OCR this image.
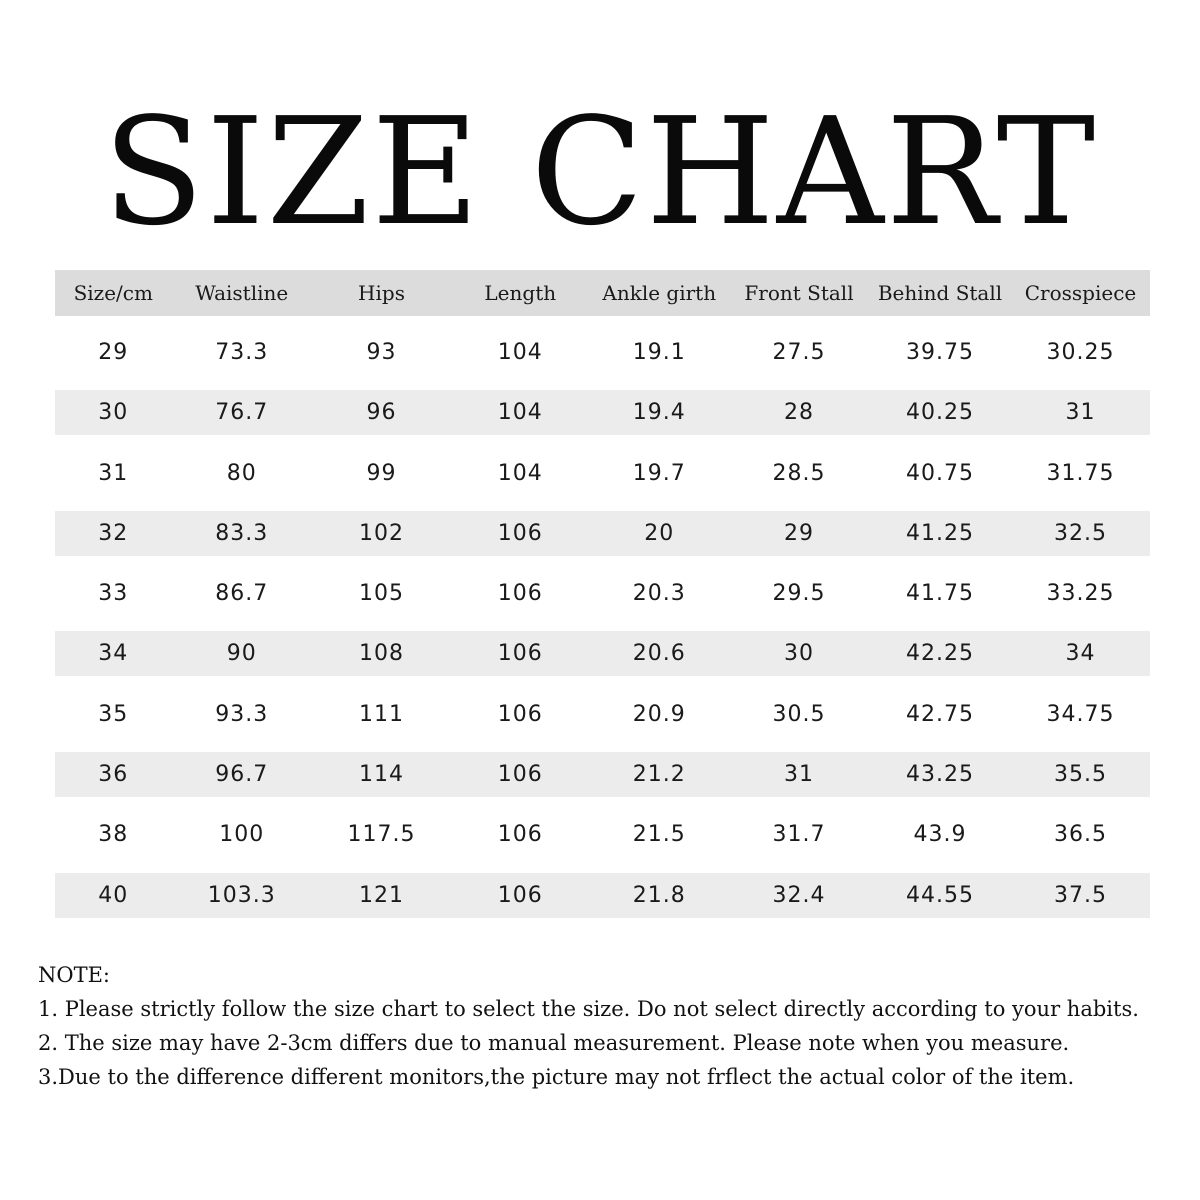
SIZE CHART
Size/cm	Waistline	Hips	Length	Ankle girth	Front Stall	Behind Stall	Crosspiece
29	73.3	93	104	19.1	27.5	39.75	30.25
30	76.7	96	104	19.4	28	40.25	31
31	80	99	104	19.7	28.5	40.75	31.75
32	83.3	102	106	20	29	41.25	32.5
33	86.7	105	106	20.3	29.5	41.75	33.25
34	90	108	106	20.6	30	42.25	34
35	93.3	111	106	20.9	30.5	42.75	34.75
36	96.7	114	106	21.2	31	43.25	35.5
38	100	117.5	106	21.5	31.7	43.9	36.5
40	103.3	121	106	21.8	32.4	44.55	37.5
NOTE:
1. Please strictly follow the size chart to select the size. Do not select directly according to your habits.
2. The size may have 2-3cm differs due to manual measurement. Please note when you measure.
3.Due to the difference different monitors,the picture may not frflect the actual color of the item.
